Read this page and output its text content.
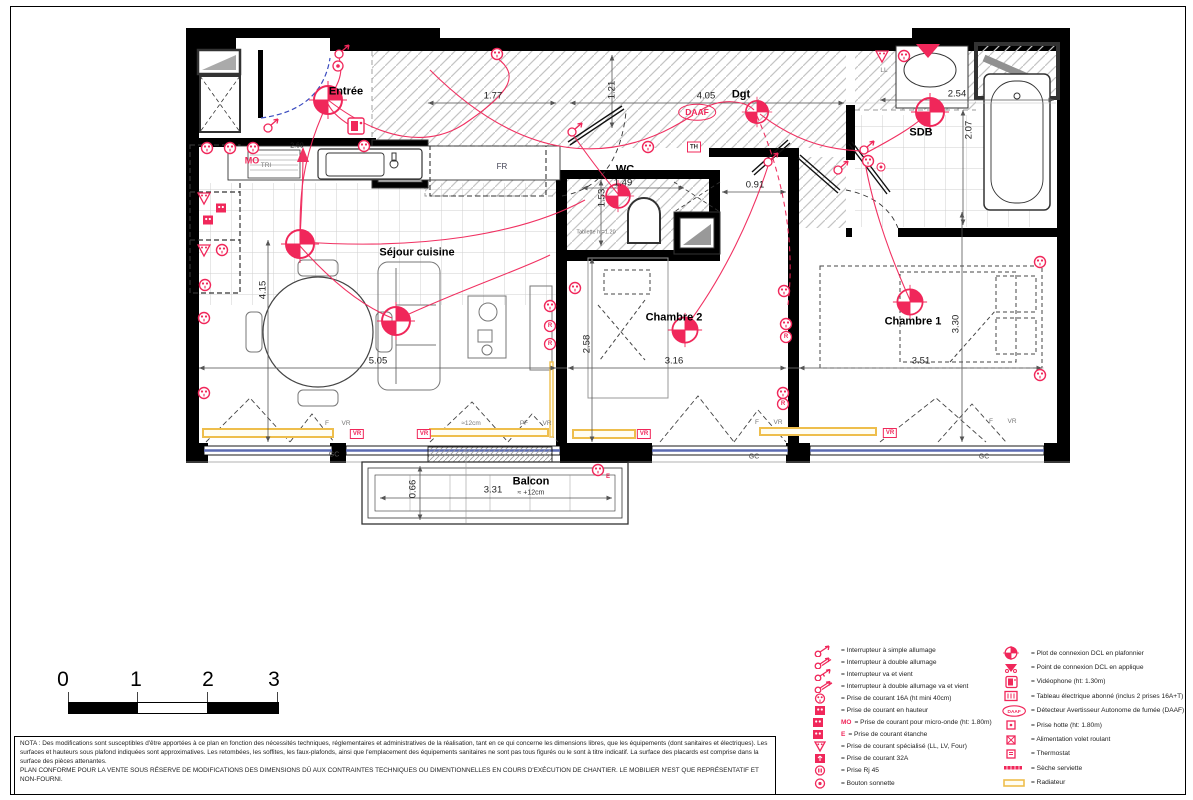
Entrée
Séjour cuisine
WC
Dgt
SDB
Chambre 2	Chambre 1
Balcon
≈ +12cm
DAAF
1.77	4.05	2.54
0.91
1.49
5.05	3.16	3.51
3.31
2.69
1.21
2.07
1.53
4.15
2.58
3.30
0.66
MO TRI	FR
LL
Tablette ht=1.20
F VR	≈12cm	PF VR	F VR	F VR
GC	GC	GC
VR	VR	VR	VR
TH
R
R
R
R
E
0	1	2	3

NOTA : Des modifications sont susceptibles d'être apportées à ce plan en fonction des nécessités techniques, réglementaires et administratives de la réalisation, tant en ce qui concerne les dimensions libres, que les équipements (dont sanitaires et électriques). Les surfaces et hauteurs sous plafond indiquées sont approximatives. Les retombées, les soffites, les faux-plafonds, ainsi que l'emplacement des équipements sanitaires ne sont pas tous figurés ou le sont à titre indicatif. La surface des placards est comprise dans la surface des pièces attenantes.

PLAN CONFORME POUR LA VENTE SOUS RÉSERVE DE MODIFICATIONS DES DIMENSIONS DÛ AUX CONTRAINTES TECHNIQUES OU DIMENTIONNELLES EN COURS D'EXÉCUTION DE CHANTIER. LE MOBILIER N'EST QUE REPRÉSENTATIF ET NON-FOURNI.

= Interrupteur à simple allumage
= Interrupteur à double allumage
= Interrupteur va et vient
= Interrupteur à double allumage va et vient
= Prise de courant 16A (ht mini 40cm)
= Prise de courant en hauteur
MO = Prise de courant pour micro-onde (ht: 1.80m)
E = Prise de courant étanche
= Prise de courant spécialisé (LL, LV, Four)
= Prise de courant 32A
= Prise Rj 45
= Bouton sonnette
= Plot de connexion DCL en plafonnier
= Point de connexion DCL en applique
= Vidéophone (ht: 1.30m)
= Tableau électrique abonné (inclus 2 prises 16A+T)
DAAF = Détecteur Avertisseur Autonome de fumée (DAAF)
= Prise hotte (ht: 1.80m)
= Alimentation volet roulant
= Thermostat
= Sèche serviette
= Radiateur
